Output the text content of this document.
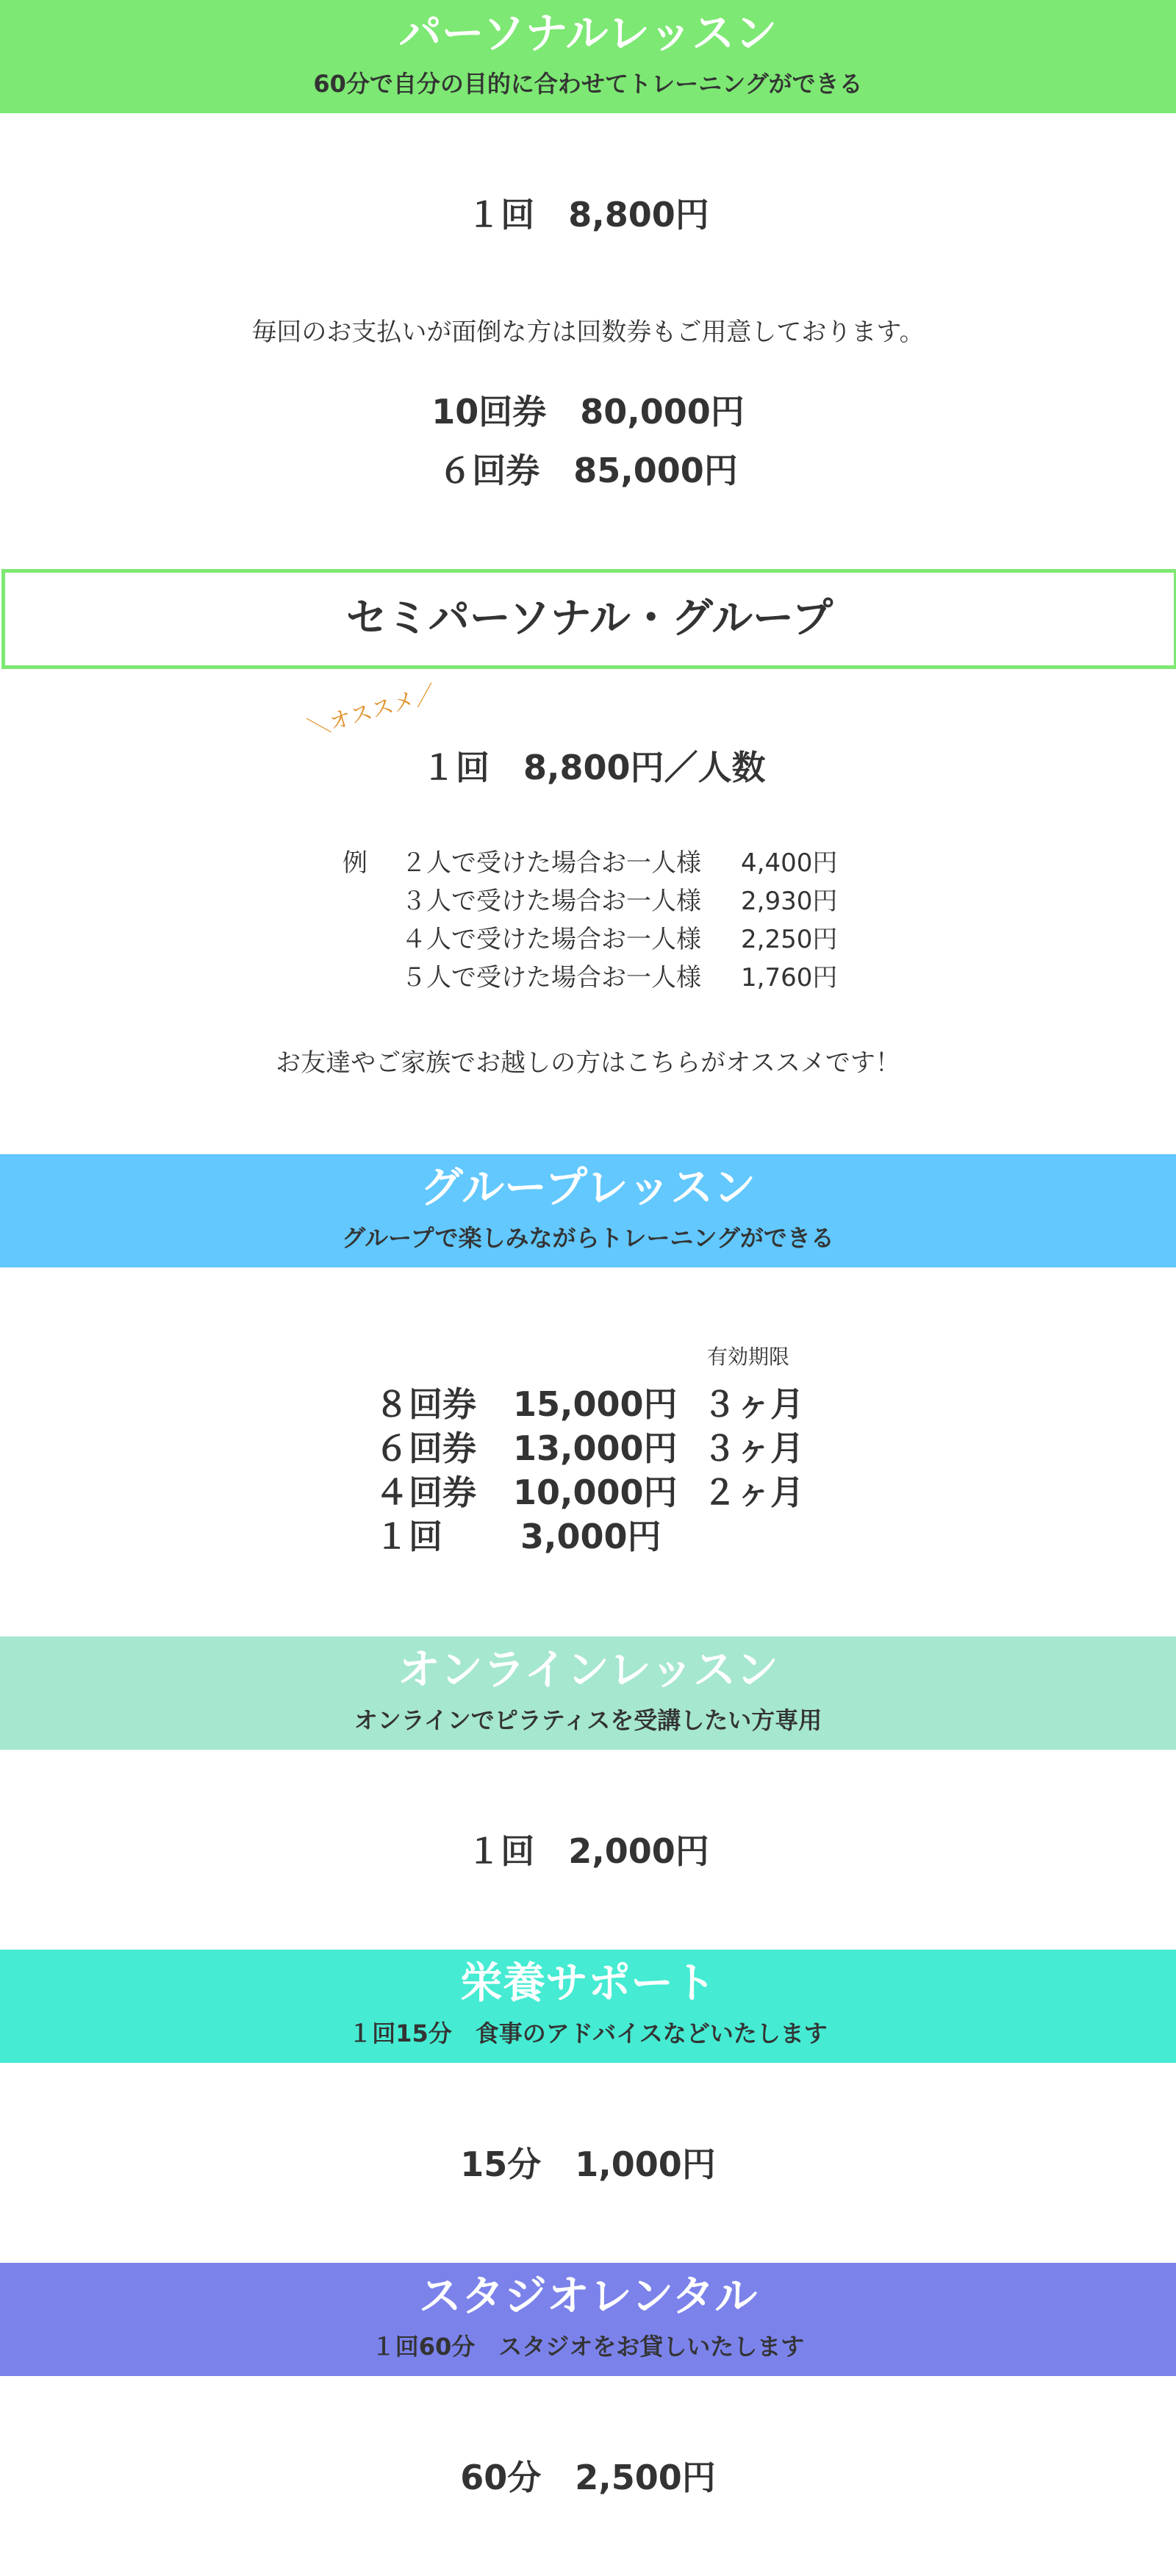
パーソナルレッスン
60分で自分の目的に合わせてトレーニングができる
１回　8,800円
毎回のお支払いが面倒な方は回数券もご用意しております。
10回券　80,000円
６回券　85,000円
セミパーソナル・グループ
＼オススメ／
１回　8,800円／人数
例 ２人で受けた場合お一人様 4,400円
３人で受けた場合お一人様 2,930円
４人で受けた場合お一人様 2,250円
５人で受けた場合お一人様 1,760円
お友達やご家族でお越しの方はこちらがオススメです！
グループレッスン
グループで楽しみながらトレーニングができる
有効期限
８回券 15,000円 ３ヶ月
６回券 13,000円 ３ヶ月
４回券 10,000円 ２ヶ月
１回 3,000円
オンラインレッスン
オンラインでピラティスを受講したい方専用
１回　2,000円
栄養サポート
１回15分　食事のアドバイスなどいたします
15分　1,000円
スタジオレンタル
１回60分　スタジオをお貸しいたします
60分　2,500円
